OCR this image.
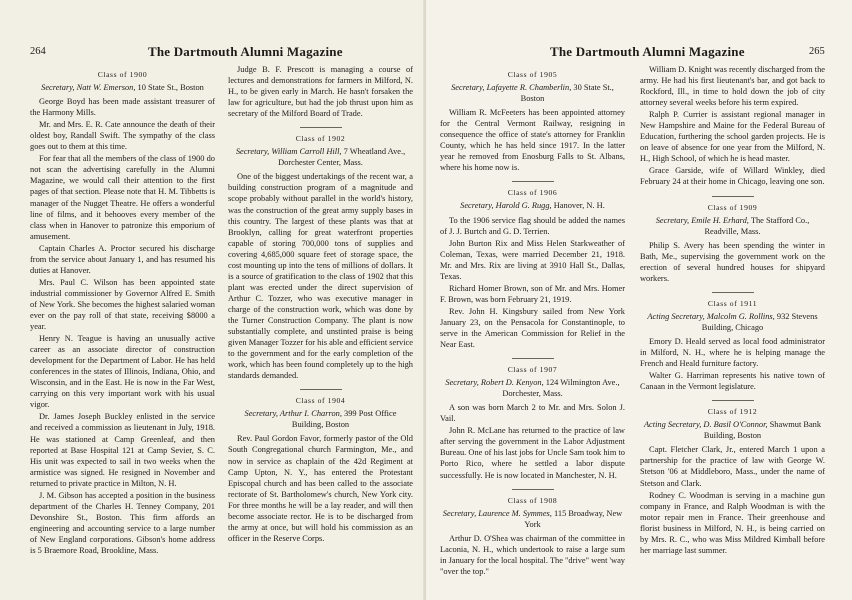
264	The Dartmouth Alumni Magazine

Class of 1900

Secretary, Natt W. Emerson, 10 State St., Boston

George Boyd has been made assistant treasurer of the Harmony Mills.

Mr. and Mrs. E. R. Cate announce the death of their oldest boy, Randall Swift. The sympathy of the class goes out to them at this time.

For fear that all the members of the class of 1900 do not scan the advertising carefully in the Alumni Magazine, we would call their attention to the first pages of that section. Please note that H. M. Tibbetts is manager of the Nugget Theatre. He offers a wonderful line of films, and it behooves every member of the class when in Hanover to patronize this emporium of amusement.

Captain Charles A. Proctor secured his discharge from the service about January 1, and has resumed his duties at Hanover.

Mrs. Paul C. Wilson has been appointed state industrial commissioner by Governor Alfred E. Smith of New York. She becomes the highest salaried woman ever on the pay roll of that state, receiving $8000 a year.

Henry N. Teague is having an unusually active career as an associate director of construction development for the Department of Labor. He has held conferences in the states of Illinois, Indiana, Ohio, and Wisconsin, and in the East. He is now in the Far West, carrying on this very important work with his usual vigor.

Dr. James Joseph Buckley enlisted in the service and received a commission as lieutenant in July, 1918. He was stationed at Camp Greenleaf, and then reported at Base Hospital 121 at Camp Sevier, S. C. His unit was expected to sail in two weeks when the armistice was signed. He resigned in November and returned to private practice in Milton, N. H.

J. M. Gibson has accepted a position in the business department of the Charles H. Tenney Company, 201 Devonshire St., Boston. This firm affords an engineering and accounting service to a large number of New England corporations. Gibson's home address is 5 Braemore Road, Brookline, Mass.

Judge B. F. Prescott is managing a course of lectures and demonstrations for farmers in Milford, N. H., to be given early in March. He hasn't forsaken the law for agriculture, but had the job thrust upon him as secretary of the Milford Board of Trade.

Class of 1902

Secretary, William Carroll Hill, 7 Wheatland Ave., Dorchester Center, Mass.

One of the biggest undertakings of the recent war, a building construction program of a magnitude and scope probably without parallel in the world's history, was the construction of the great army supply bases in this country. The largest of these plants was that at Brooklyn, calling for great waterfront properties capable of storing 700,000 tons of supplies and covering 4,685,000 square feet of storage space, the cost mounting up into the tens of millions of dollars. It is a source of gratification to the class of 1902 that this plant was erected under the direct supervision of Arthur C. Tozzer, who was executive manager in charge of the construction work, which was done by the Turner Construction Company. The plant is now substantially complete, and unstinted praise is being given Manager Tozzer for his able and efficient service to the government and for the early completion of the work, which has been found completely up to the high standards demanded.

Class of 1904

Secretary, Arthur I. Charron, 399 Post Office Building, Boston

Rev. Paul Gordon Favor, formerly pastor of the Old South Congregational church Farmington, Me., and now in service as chaplain of the 42d Regiment at Camp Upton, N. Y., has entered the Protestant Episcopal church and has been called to the associate rectorate of St. Bartholomew's church, New York city. For three months he will be a lay reader, and will then become associate rector. He is to be discharged from the army at once, but will hold his commission as an officer in the Reserve Corps.

The Dartmouth Alumni Magazine	265

Class of 1905

Secretary, Lafayette R. Chamberlin, 30 State St., Boston

William R. McFeeters has been appointed attorney for the Central Vermont Railway, resigning in consequence the office of state's attorney for Franklin County, which he has held since 1917. In the latter year he removed from Enosburg Falls to St. Albans, where his home now is.

Class of 1906

Secretary, Harold G. Rugg, Hanover, N. H.

To the 1906 service flag should be added the names of J. J. Burtch and G. D. Terrien.

John Burton Rix and Miss Helen Starkweather of Coleman, Texas, were married December 21, 1918. Mr. and Mrs. Rix are living at 3910 Hall St., Dallas, Texas.

Richard Homer Brown, son of Mr. and Mrs. Homer F. Brown, was born February 21, 1919.

Rev. John H. Kingsbury sailed from New York January 23, on the Pensacola for Constantinople, to serve in the American Commission for Relief in the Near East.

Class of 1907

Secretary, Robert D. Kenyon, 124 Wilmington Ave., Dorchester, Mass.

A son was born March 2 to Mr. and Mrs. Solon J. Vail.

John R. McLane has returned to the practice of law after serving the government in the Labor Adjustment Bureau. One of his last jobs for Uncle Sam took him to Porto Rico, where he settled a labor dispute successfully. He is now located in Manchester, N. H.

Class of 1908

Secretary, Laurence M. Symmes, 115 Broadway, New York

Arthur D. O'Shea was chairman of the committee in Laconia, N. H., which undertook to raise a large sum in January for the local hospital. The "drive" went 'way "over the top."

William D. Knight was recently discharged from the army. He had his first lieutenant's bar, and got back to Rockford, Ill., in time to hold down the job of city attorney several weeks before his term expired.

Ralph P. Currier is assistant regional manager in New Hampshire and Maine for the Federal Bureau of Education, furthering the school garden projects. He is on leave of absence for one year from the Milford, N. H., High School, of which he is head master.

Grace Garside, wife of Willard Winkley, died February 24 at their home in Chicago, leaving one son.

Class of 1909

Secretary, Emile H. Erhard, The Stafford Co., Readville, Mass.

Philip S. Avery has been spending the winter in Bath, Me., supervising the government work on the erection of several hundred houses for shipyard workers.

Class of 1911

Acting Secretary, Malcolm G. Rollins, 932 Stevens Building, Chicago

Emory D. Heald served as local food administrator in Milford, N. H., where he is helping manage the French and Heald furniture factory.

Walter G. Harriman represents his native town of Canaan in the Vermont legislature.

Class of 1912

Acting Secretary, D. Basil O'Connor, Shawmut Bank Building, Boston

Capt. Fletcher Clark, Jr., entered March 1 upon a partnership for the practice of law with George W. Stetson '06 at Middleboro, Mass., under the name of Stetson and Clark.

Rodney C. Woodman is serving in a machine gun company in France, and Ralph Woodman is with the motor repair men in France. Their greenhouse and florist business in Milford, N. H., is being carried on by Mrs. R. C., who was Miss Mildred Kimball before her marriage last summer.
